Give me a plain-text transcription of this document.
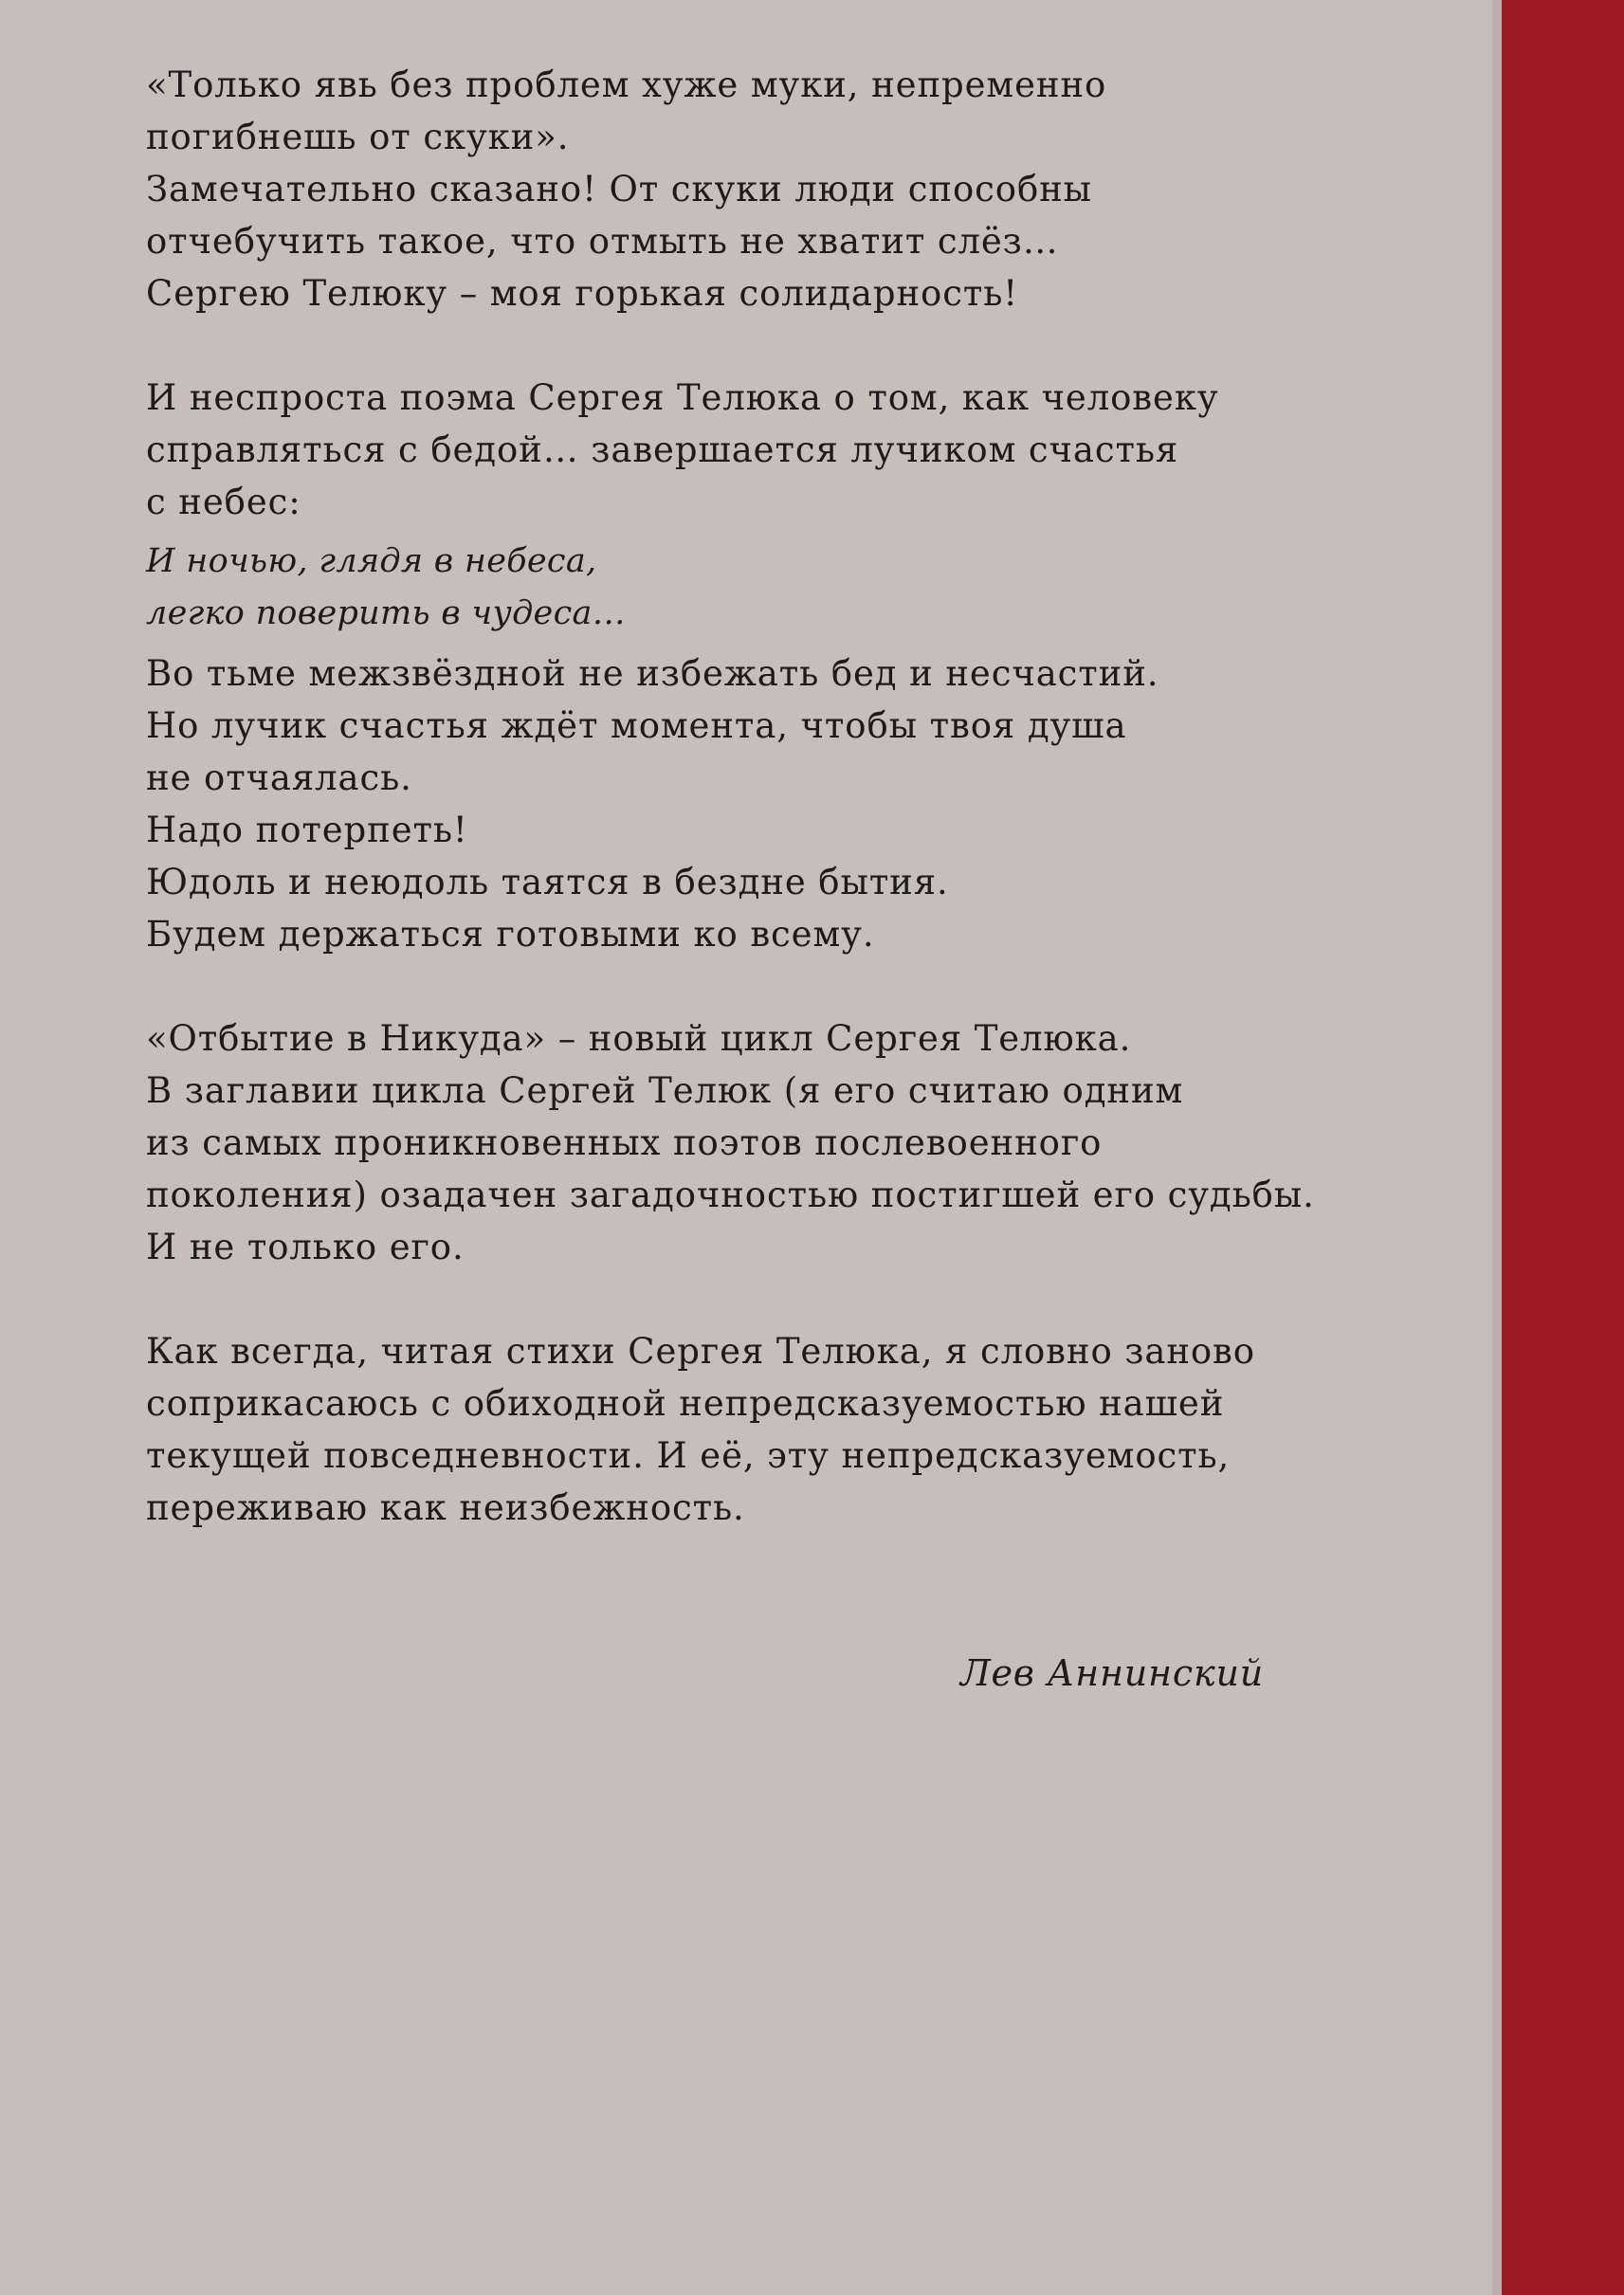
«Только явь без проблем хуже муки, непременно

погибнешь от скуки».

Замечательно сказано! От скуки люди способны

отчебучить такое, что отмыть не хватит слёз…

Сергею Телюку – моя горькая солидарность!

И неспроста поэма Сергея Телюка о том, как человеку

справляться с бедой… завершается лучиком счастья

с небес:

И ночью, глядя в небеса,

легко поверить в чудеса…

Во тьме межзвёздной не избежать бед и несчастий.

Но лучик счастья ждёт момента, чтобы твоя душа

не отчаялась.

Надо потерпеть!

Юдоль и неюдоль таятся в бездне бытия.

Будем держаться готовыми ко всему.

«Отбытие в Никуда» – новый цикл Сергея Телюка.

В заглавии цикла Сергей Телюк (я его считаю одним

из самых проникновенных поэтов послевоенного

поколения) озадачен загадочностью постигшей его судьбы.

И не только его.

Как всегда, читая стихи Сергея Телюка, я словно заново

соприкасаюсь с обиходной непредсказуемостью нашей

текущей повседневности. И её, эту непредсказуемость,

переживаю как неизбежность.

Лев Аннинский
